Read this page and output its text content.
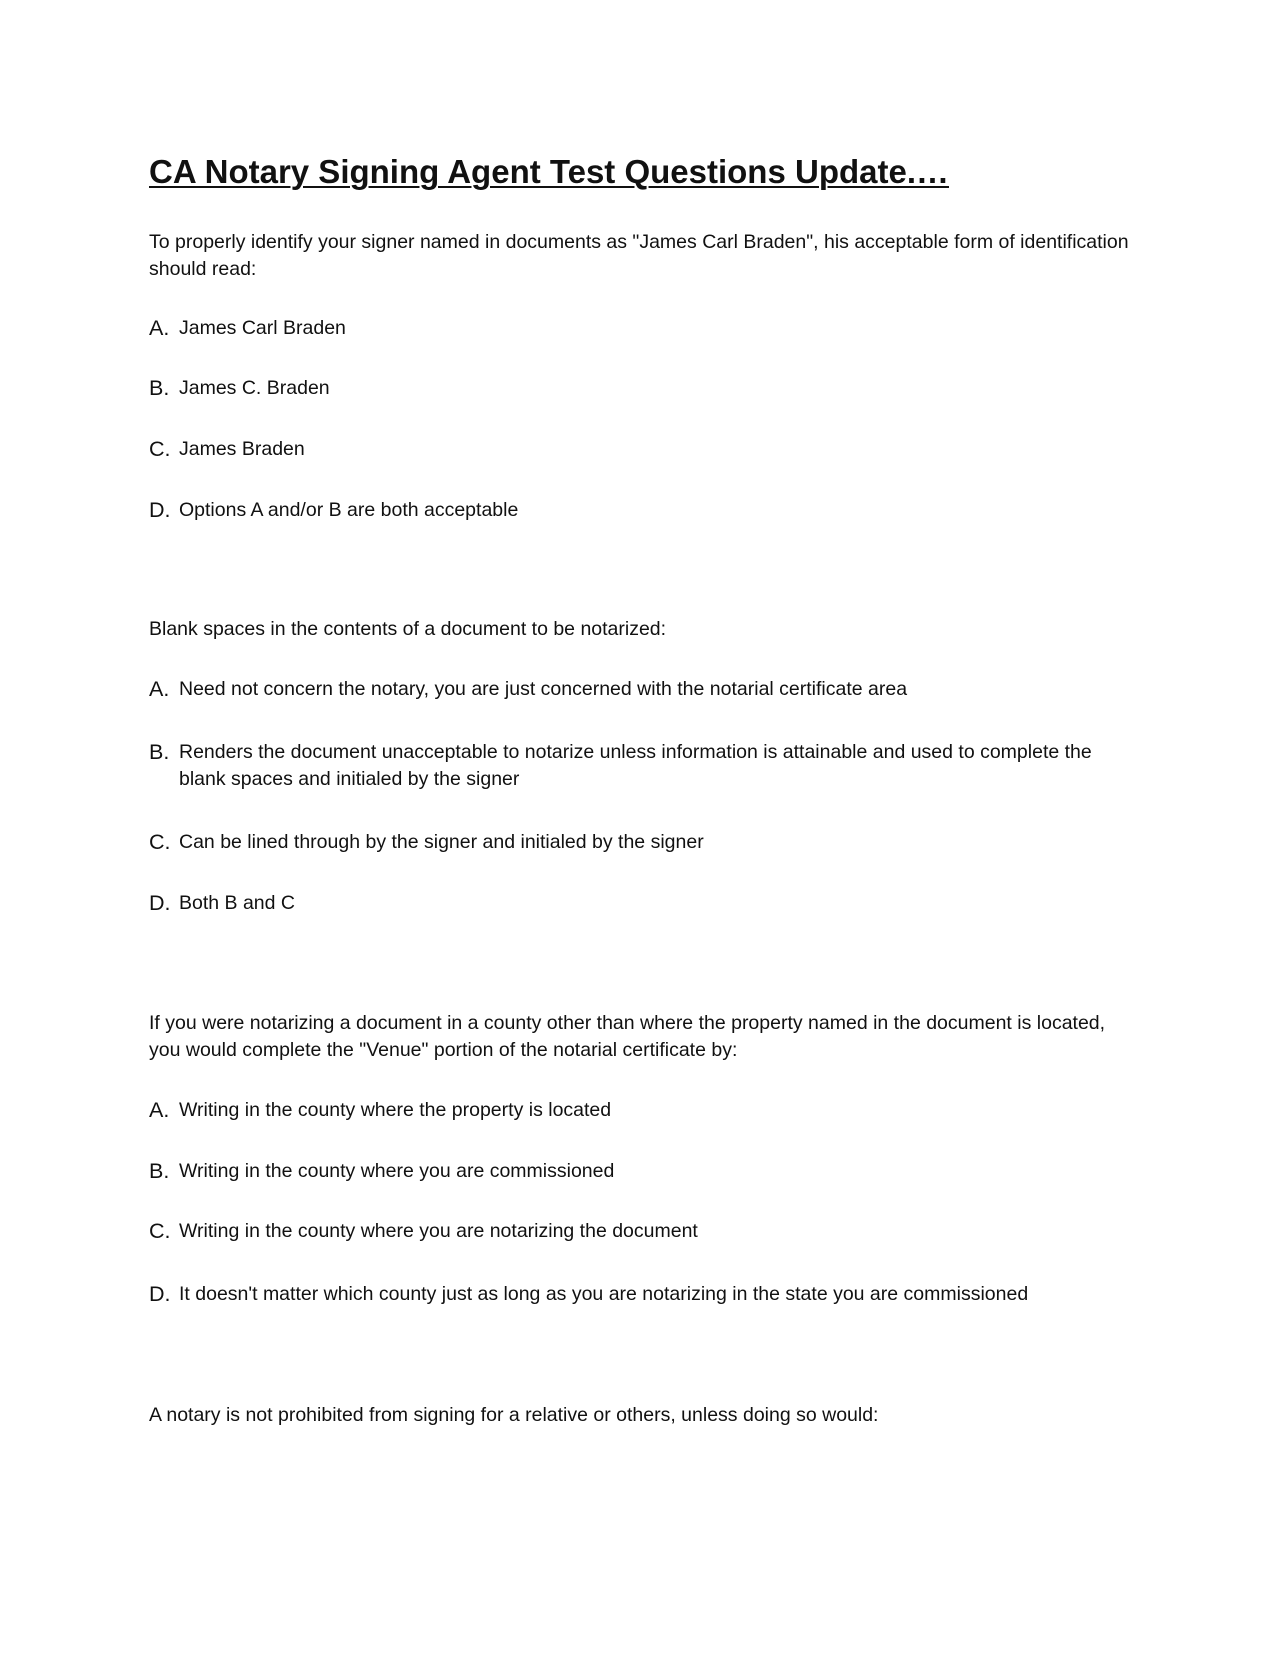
CA Notary Signing Agent Test Questions Update.…

To properly identify your signer named in documents as "James Carl Braden", his acceptable form of identification should read:

A. James Carl Braden
B. James C. Braden
C. James Braden
D. Options A and/or B are both acceptable

Blank spaces in the contents of a document to be notarized:

A. Need not concern the notary, you are just concerned with the notarial certificate area
B. Renders the document unacceptable to notarize unless information is attainable and used to complete the blank spaces and initialed by the signer
C. Can be lined through by the signer and initialed by the signer
D. Both B and C

If you were notarizing a document in a county other than where the property named in the document is located, you would complete the "Venue" portion of the notarial certificate by:

A. Writing in the county where the property is located
B. Writing in the county where you are commissioned
C. Writing in the county where you are notarizing the document
D. It doesn't matter which county just as long as you are notarizing in the state you are commissioned

A notary is not prohibited from signing for a relative or others, unless doing so would:
